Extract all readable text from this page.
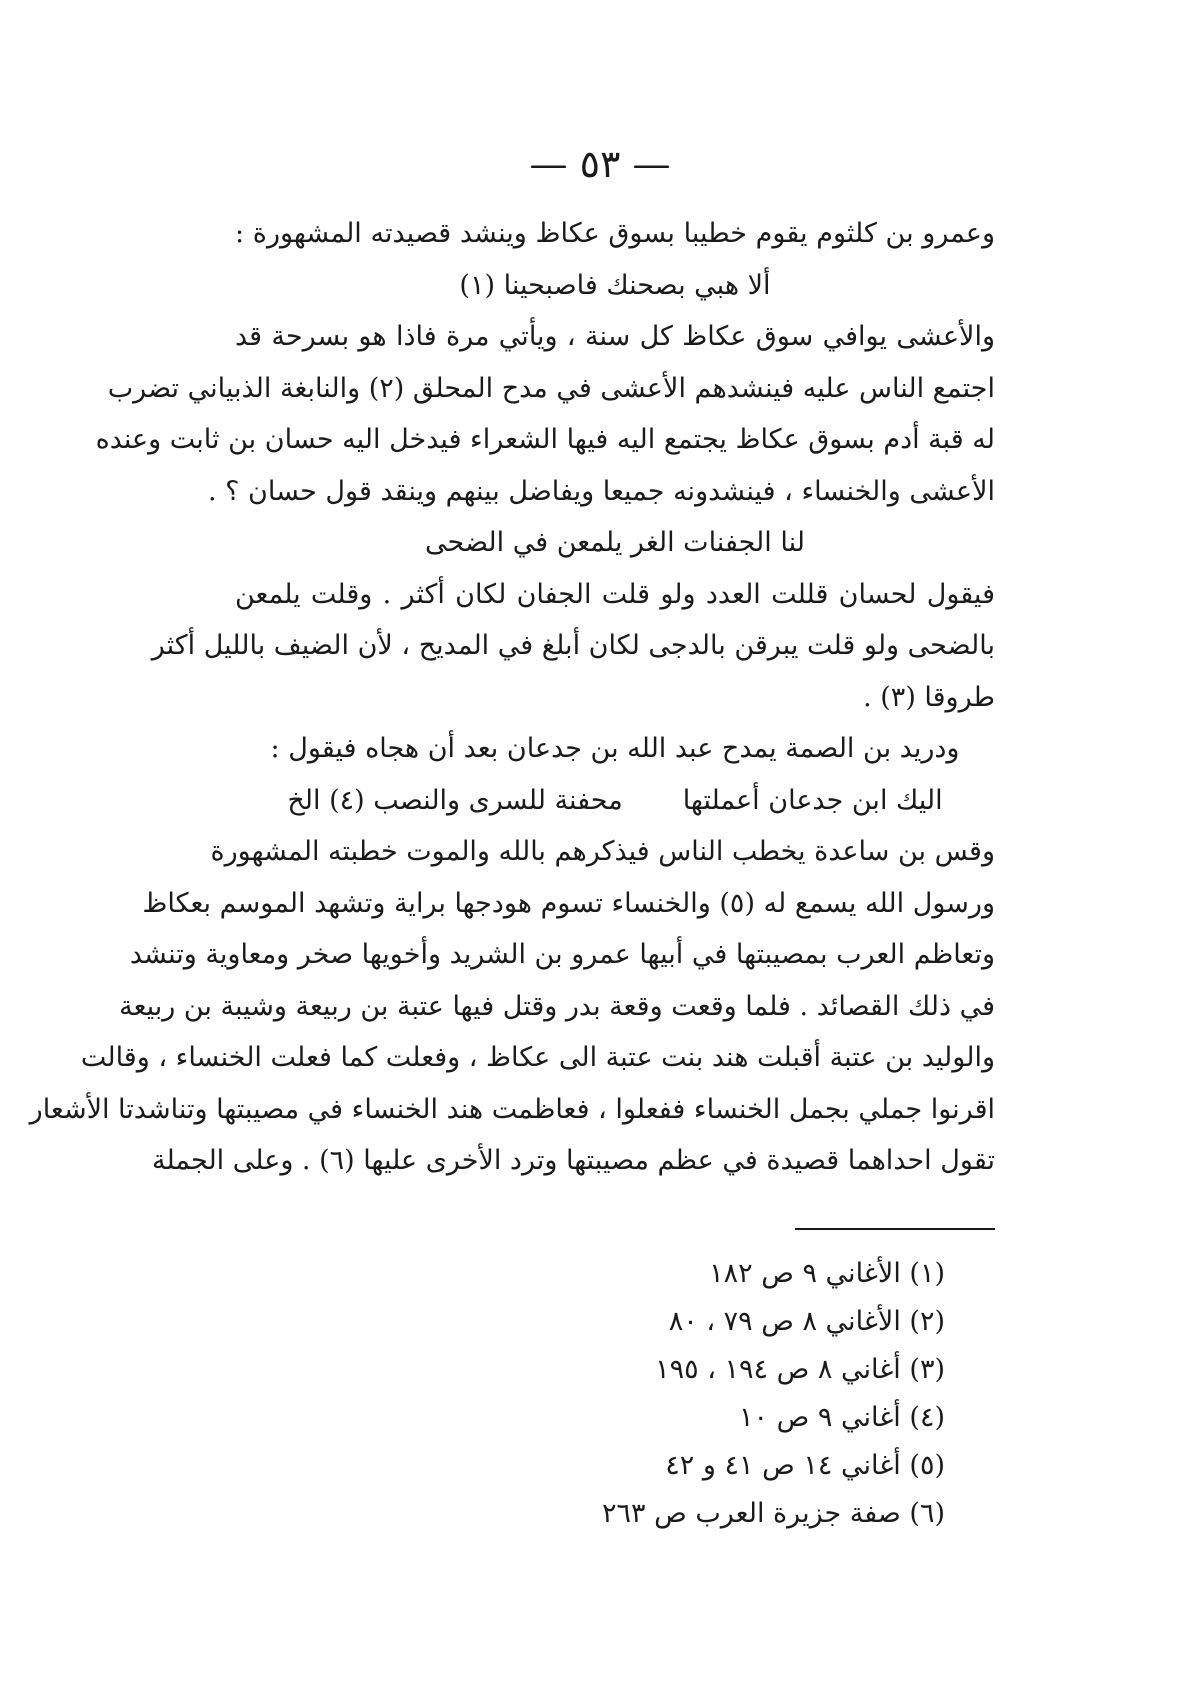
— ٥٣ —
وعمرو بن كلثوم يقوم خطيبا بسوق عكاظ وينشد قصيدته المشهورة :
ألا هبي بصحنك فاصبحينا (١)
والأعشى يوافي سوق عكاظ كل سنة ، ويأتي مرة فاذا هو بسرحة قد
اجتمع الناس عليه فينشدهم الأعشى في مدح المحلق (٢) والنابغة الذبياني تضرب
له قبة أدم بسوق عكاظ يجتمع اليه فيها الشعراء فيدخل اليه حسان بن ثابت وعنده
الأعشى والخنساء ، فينشدونه جميعا ويفاضل بينهم وينقد قول حسان ؟ .
لنا الجفنات الغر يلمعن في الضحى
فيقول لحسان قللت العدد ولو قلت الجفان لكان أكثر . وقلت يلمعن
بالضحى ولو قلت يبرقن بالدجى لكان أبلغ في المديح ، لأن الضيف بالليل أكثر
طروقا (٣) .
ودريد بن الصمة يمدح عبد الله بن جدعان بعد أن هجاه فيقول :
اليك ابن جدعان أعملتها
محفنة للسرى والنصب (٤) الخ
وقس بن ساعدة يخطب الناس فيذكرهم بالله والموت خطبته المشهورة
ورسول الله يسمع له (٥) والخنساء تسوم هودجها براية وتشهد الموسم بعكاظ
وتعاظم العرب بمصيبتها في أبيها عمرو بن الشريد وأخويها صخر ومعاوية وتنشد
في ذلك القصائد . فلما وقعت وقعة بدر وقتل فيها عتبة بن ربيعة وشيبة بن ربيعة
والوليد بن عتبة أقبلت هند بنت عتبة الى عكاظ ، وفعلت كما فعلت الخنساء ، وقالت
اقرنوا جملي بجمل الخنساء ففعلوا ، فعاظمت هند الخنساء في مصيبتها وتناشدتا الأشعار
تقول احداهما قصيدة في عظم مصيبتها وترد الأخرى عليها (٦) . وعلى الجملة
(١) الأغاني ٩ ص ١٨٢
(٢) الأغاني ٨ ص ٧٩ ، ٨٠
(٣) أغاني ٨ ص ١٩٤ ، ١٩٥
(٤) أغاني ٩ ص ١٠
(٥) أغاني ١٤ ص ٤١ و ٤٢
(٦) صفة جزيرة العرب ص ٢٦٣
